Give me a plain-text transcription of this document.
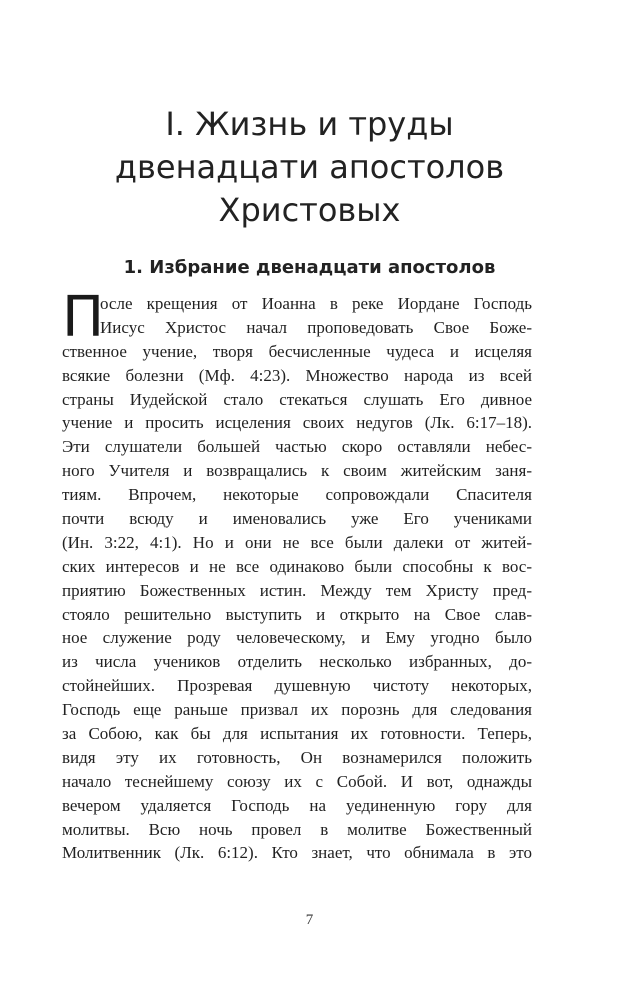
I. Жизнь и труды
двенадцати апостолов
Христовых
1. Избрание двенадцати апостолов
П
осле крещения от Иоанна в реке Иордане Господь
Иисус Христос начал проповедовать Свое Боже-
ственное учение, творя бесчисленные чудеса и исцеляя
всякие болезни (Мф. 4:23). Множество народа из всей
страны Иудейской стало стекаться слушать Его дивное
учение и просить исцеления своих недугов (Лк. 6:17–18).
Эти слушатели большей частью скоро оставляли небес-
ного Учителя и возвращались к своим житейским заня-
тиям. Впрочем, некоторые сопровождали Спасителя
почти всюду и именовались уже Его учениками
(Ин. 3:22, 4:1). Но и они не все были далеки от житей-
ских интересов и не все одинаково были способны к вос-
приятию Божественных истин. Между тем Христу пред-
стояло решительно выступить и открыто на Свое слав-
ное служение роду человеческому, и Ему угодно было
из числа учеников отделить несколько избранных, до-
стойнейших. Прозревая душевную чистоту некоторых,
Господь еще раньше призвал их порознь для следования
за Собою, как бы для испытания их готовности. Теперь,
видя эту их готовность, Он вознамерился положить
начало теснейшему союзу их с Собой. И вот, однажды
вечером удаляется Господь на уединенную гору для
молитвы. Всю ночь провел в молитве Божественный
Молитвенник (Лк. 6:12). Кто знает, что обнимала в это
7
